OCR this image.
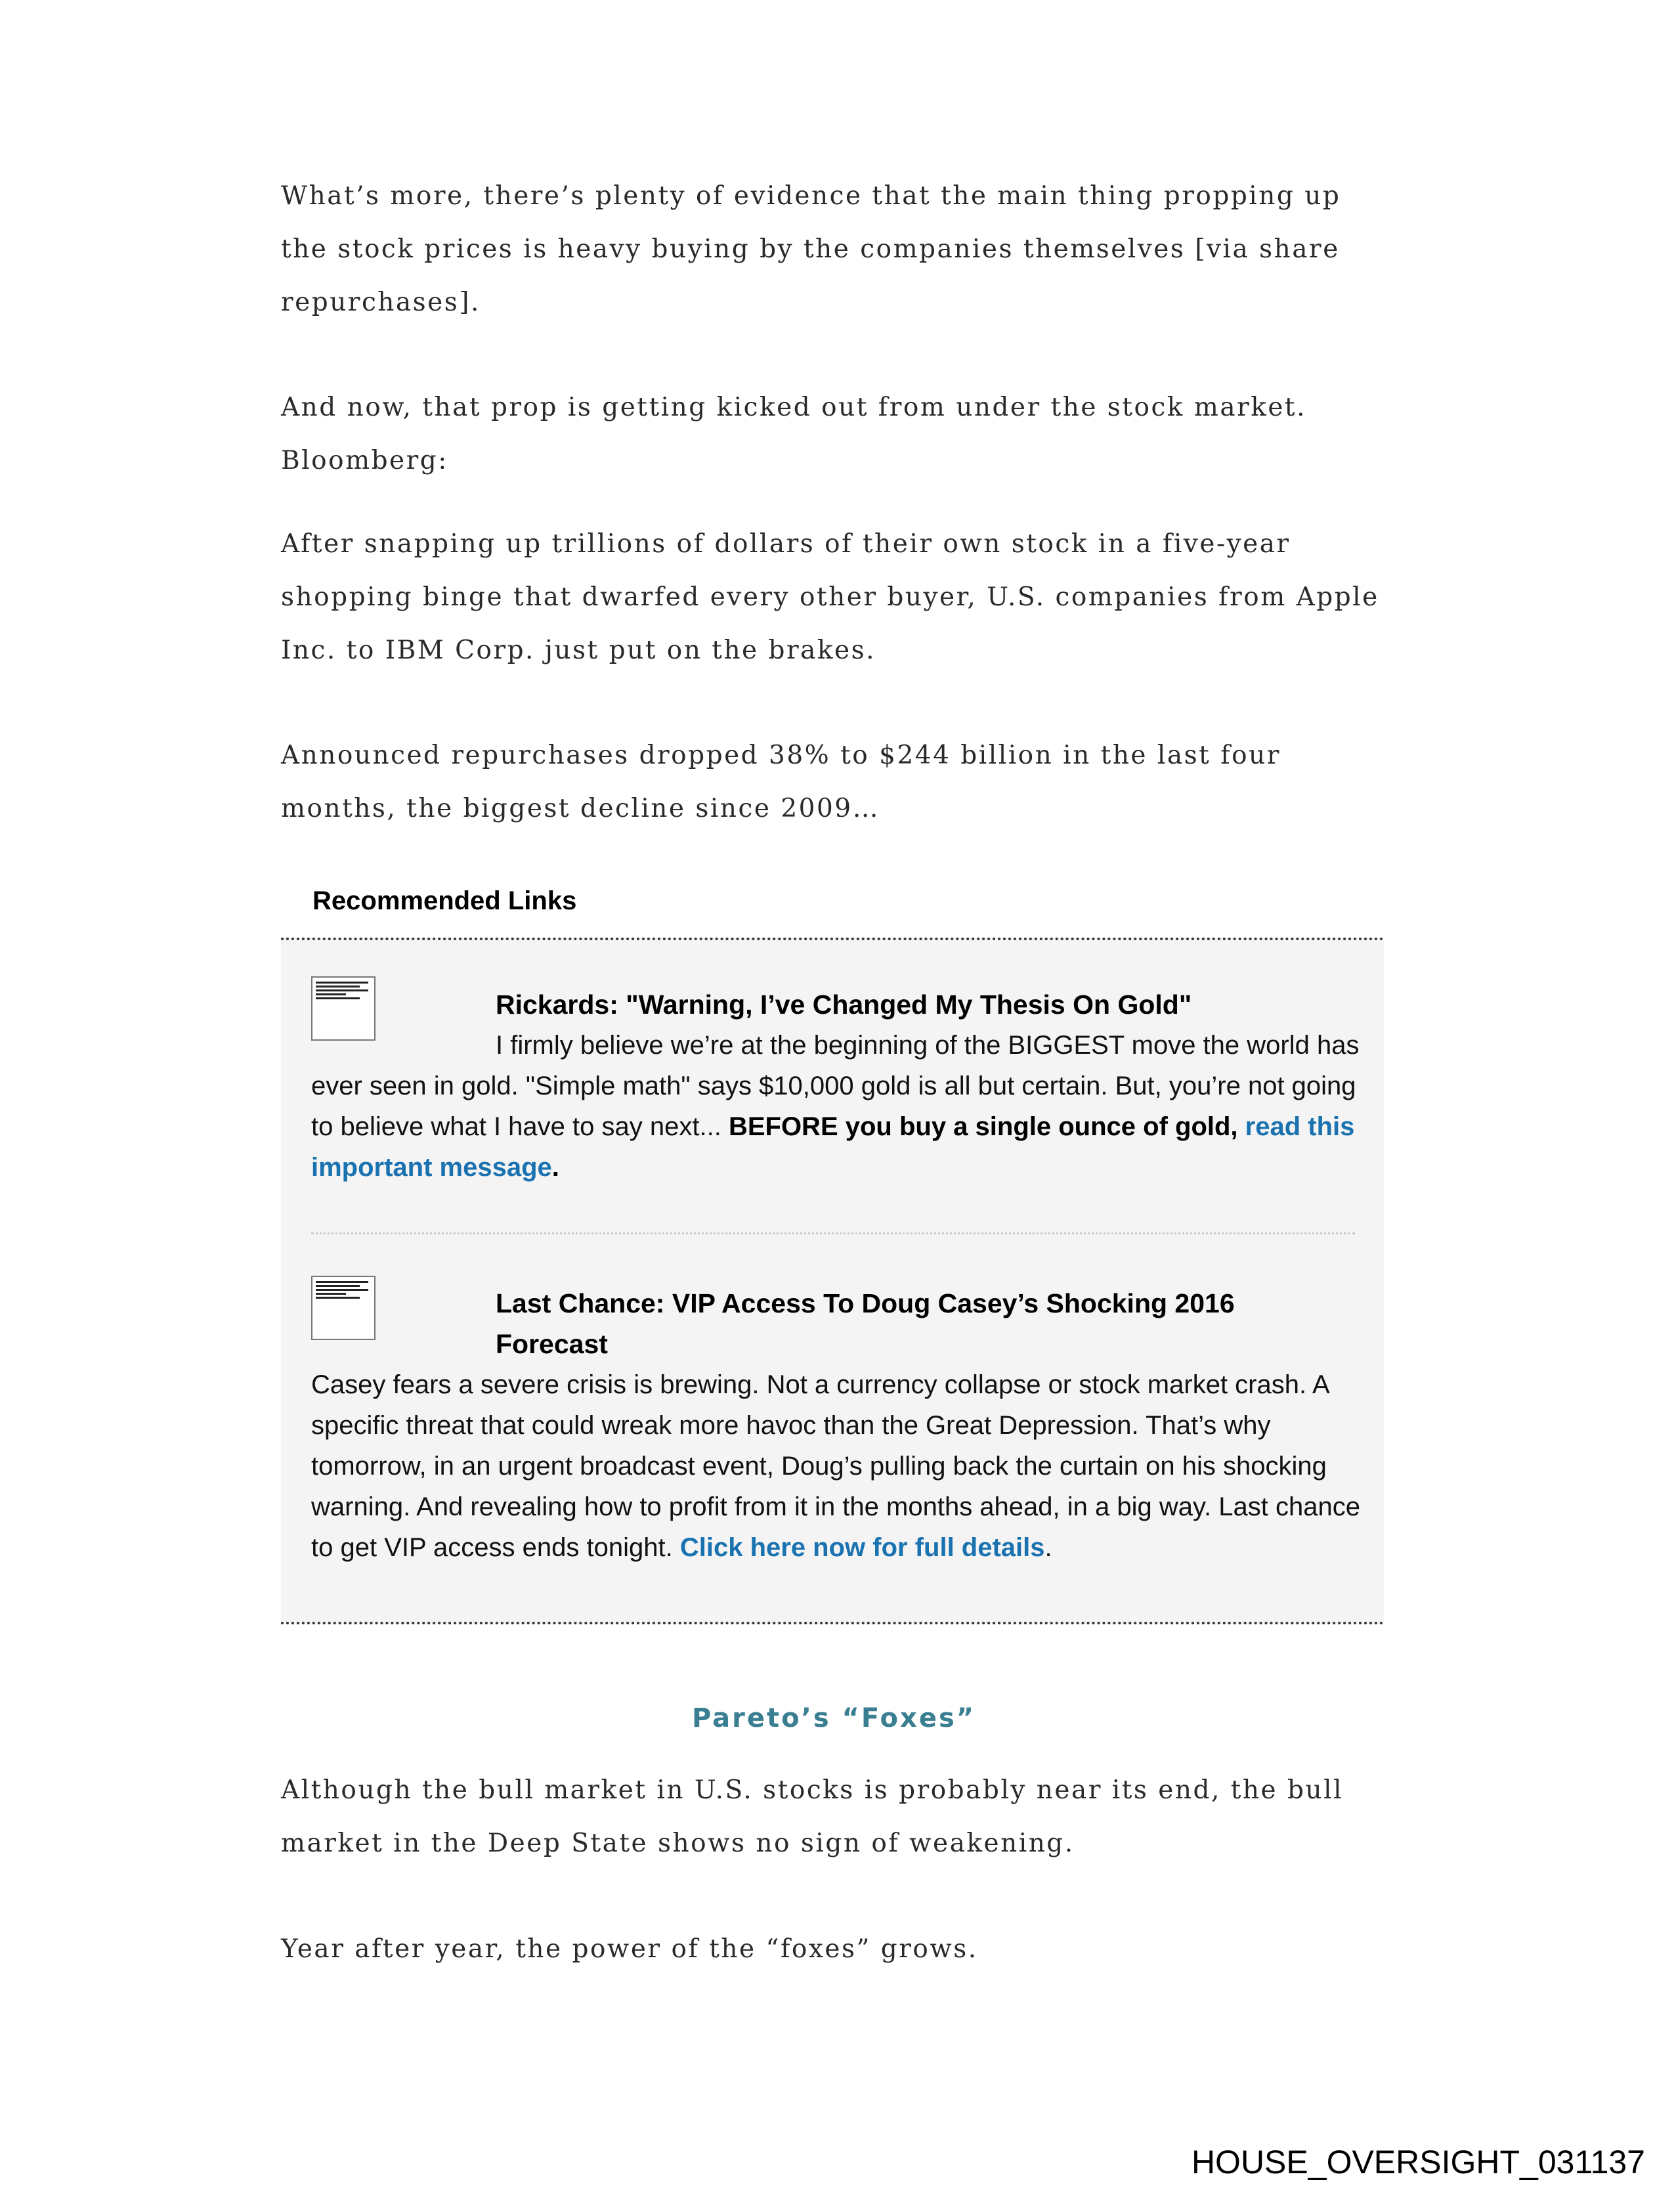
What’s more, there’s plenty of evidence that the main thing propping up the stock prices is heavy buying by the companies themselves [via share repurchases].

And now, that prop is getting kicked out from under the stock market. Bloomberg:

After snapping up trillions of dollars of their own stock in a five-year shopping binge that dwarfed every other buyer, U.S. companies from Apple Inc. to IBM Corp. just put on the brakes.

Announced repurchases dropped 38% to $244 billion in the last four months, the biggest decline since 2009…

Recommended Links

Rickards: "Warning, I’ve Changed My Thesis On Gold"

I firmly believe we’re at the beginning of the BIGGEST move the world has ever seen in gold. "Simple math" says $10,000 gold is all but certain. But, you’re not going to believe what I have to say next... BEFORE you buy a single ounce of gold, read this important message.

Last Chance: VIP Access To Doug Casey’s Shocking 2016 Forecast

Casey fears a severe crisis is brewing. Not a currency collapse or stock market crash. A specific threat that could wreak more havoc than the Great Depression. That’s why tomorrow, in an urgent broadcast event, Doug’s pulling back the curtain on his shocking warning. And revealing how to profit from it in the months ahead, in a big way. Last chance to get VIP access ends tonight. Click here now for full details.

Pareto’s “Foxes”

Although the bull market in U.S. stocks is probably near its end, the bull market in the Deep State shows no sign of weakening.

Year after year, the power of the “foxes” grows.

HOUSE_OVERSIGHT_031137
